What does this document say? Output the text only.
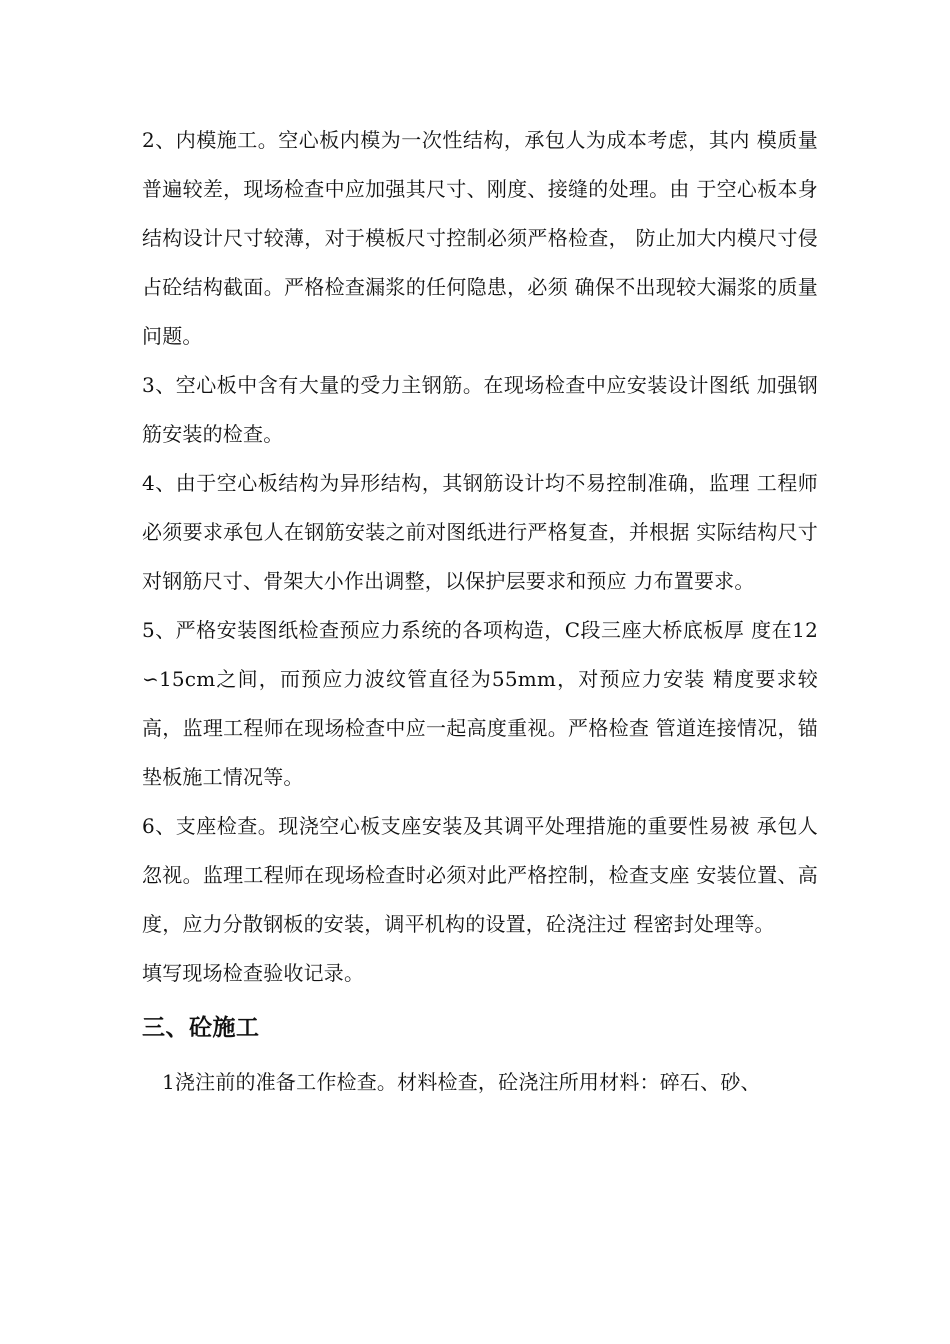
2、内模施工。空心板内模为一次性结构，承包人为成本考虑，其内 模质量普遍较差，现场检查中应加强其尺寸、刚度、接缝的处理。由 于空心板本身结构设计尺寸较薄，对于模板尺寸控制必须严格检查， 防止加大内模尺寸侵占砼结构截面。严格检查漏浆的任何隐患，必须 确保不出现较大漏浆的质量问题。

3、空心板中含有大量的受力主钢筋。在现场检查中应安装设计图纸 加强钢筋安装的检查。

4、由于空心板结构为异形结构，其钢筋设计均不易控制准确，监理 工程师必须要求承包人在钢筋安装之前对图纸进行严格复查，并根据 实际结构尺寸对钢筋尺寸、骨架大小作出调整，以保护层要求和预应 力布置要求。

5、严格安装图纸检查预应力系统的各项构造，C段三座大桥底板厚 度在12∽15cm之间，而预应力波纹管直径为55mm，对预应力安装 精度要求较高，监理工程师在现场检查中应一起高度重视。严格检查 管道连接情况，锚垫板施工情况等。

6、支座检查。现浇空心板支座安装及其调平处理措施的重要性易被 承包人忽视。监理工程师在现场检查时必须对此严格控制，检查支座 安装位置、高度，应力分散钢板的安装，调平机构的设置，砼浇注过 程密封处理等。

填写现场检查验收记录。

三、砼施工

1浇注前的准备工作检查。材料检查，砼浇注所用材料：碎石、砂、
